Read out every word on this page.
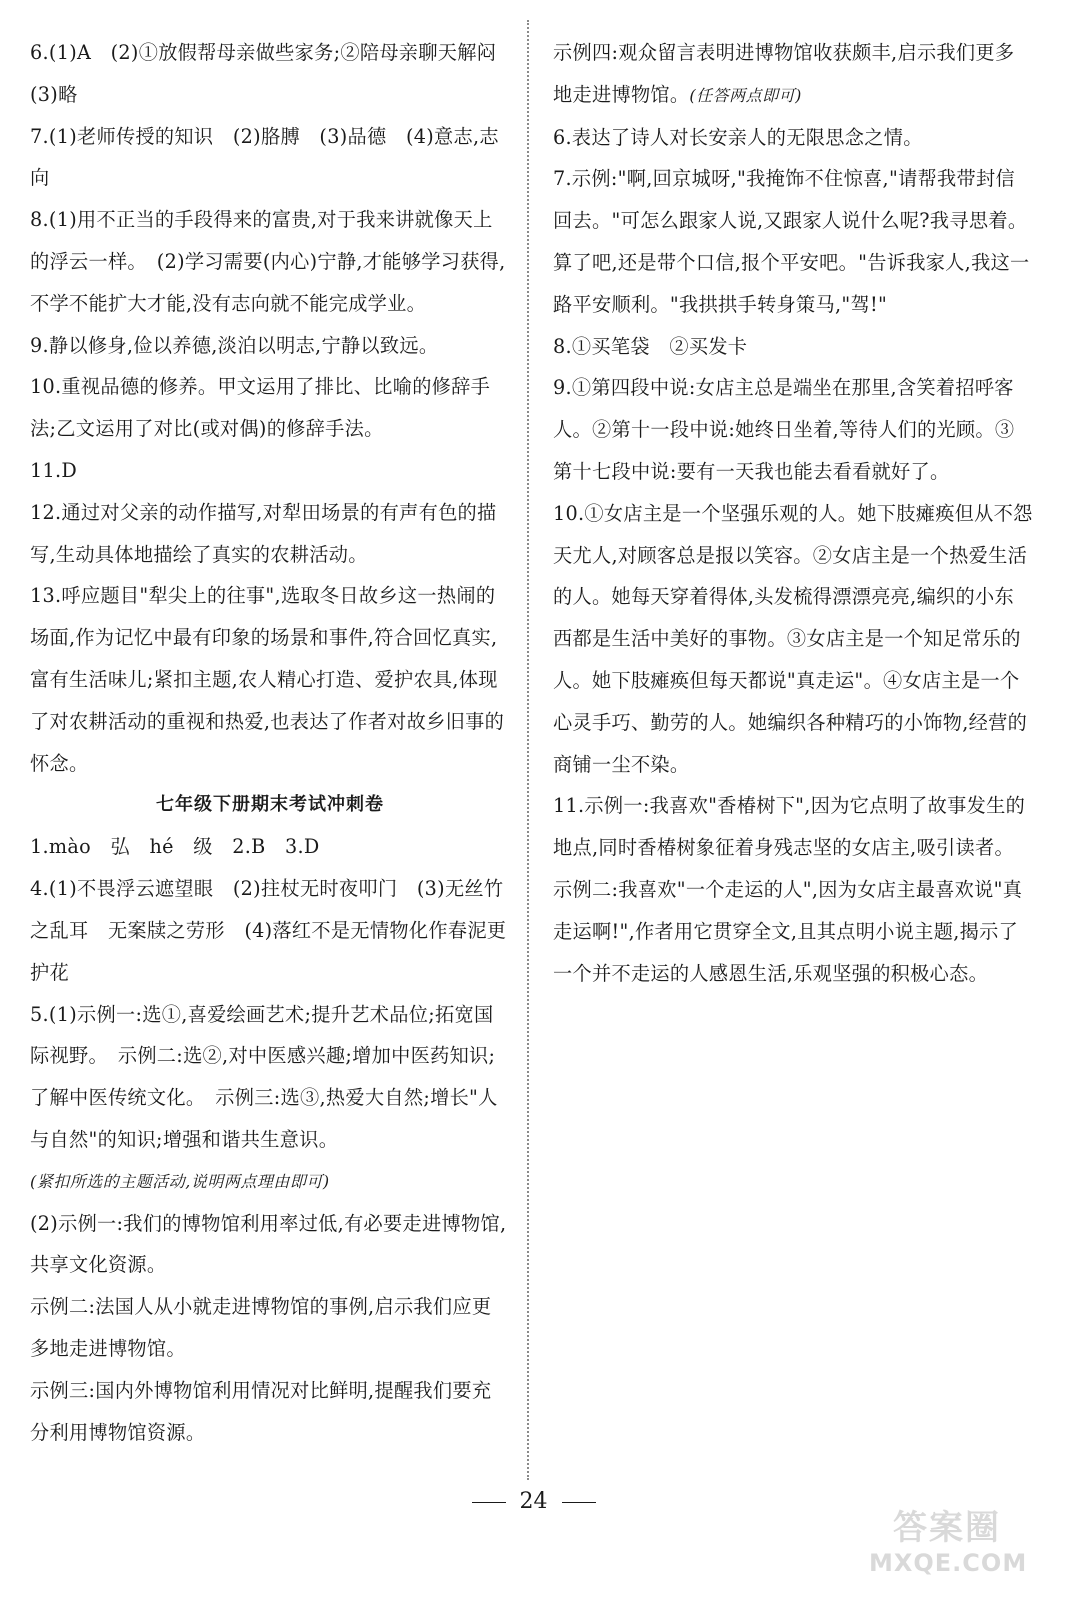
6.(1)A　(2)①放假帮母亲做些家务;②陪母亲聊天解闷　(3)略

7.(1)老师传授的知识　(2)胳膊　(3)品德　(4)意志,志向

8.(1)用不正当的手段得来的富贵,对于我来讲就像天上的浮云一样。　(2)学习需要(内心)宁静,才能够学习获得,不学不能扩大才能,没有志向就不能完成学业。

9.静以修身,俭以养德,淡泊以明志,宁静以致远。

10.重视品德的修养。甲文运用了排比、比喻的修辞手法;乙文运用了对比(或对偶)的修辞手法。

11.D

12.通过对父亲的动作描写,对犁田场景的有声有色的描写,生动具体地描绘了真实的农耕活动。

13.呼应题目"犁尖上的往事",选取冬日故乡这一热闹的场面,作为记忆中最有印象的场景和事件,符合回忆真实,富有生活味儿;紧扣主题,农人精心打造、爱护农具,体现了对农耕活动的重视和热爱,也表达了作者对故乡旧事的怀念。

七年级下册期末考试冲刺卷

1.mào　弘　hé　级　2.B　3.D

4.(1)不畏浮云遮望眼　(2)拄杖无时夜叩门　(3)无丝竹之乱耳　无案牍之劳形　(4)落红不是无情物化作春泥更护花

5.(1)示例一:选①,喜爱绘画艺术;提升艺术品位;拓宽国际视野。　示例二:选②,对中医感兴趣;增加中医药知识;了解中医传统文化。　示例三:选③,热爱大自然;增长"人与自然"的知识;增强和谐共生意识。

(紧扣所选的主题活动,说明两点理由即可)

(2)示例一:我们的博物馆利用率过低,有必要走进博物馆,共享文化资源。

示例二:法国人从小就走进博物馆的事例,启示我们应更多地走进博物馆。

示例三:国内外博物馆利用情况对比鲜明,提醒我们要充分利用博物馆资源。

示例四:观众留言表明进博物馆收获颇丰,启示我们更多地走进博物馆。(任答两点即可)

6.表达了诗人对长安亲人的无限思念之情。

7.示例:"啊,回京城呀,"我掩饰不住惊喜,"请帮我带封信回去。"可怎么跟家人说,又跟家人说什么呢?我寻思着。算了吧,还是带个口信,报个平安吧。"告诉我家人,我这一路平安顺利。"我拱拱手转身策马,"驾!"

8.①买笔袋　②买发卡

9.①第四段中说:女店主总是端坐在那里,含笑着招呼客人。②第十一段中说:她终日坐着,等待人们的光顾。③第十七段中说:要有一天我也能去看看就好了。

10.①女店主是一个坚强乐观的人。她下肢瘫痪但从不怨天尤人,对顾客总是报以笑容。②女店主是一个热爱生活的人。她每天穿着得体,头发梳得漂漂亮亮,编织的小东西都是生活中美好的事物。③女店主是一个知足常乐的人。她下肢瘫痪但每天都说"真走运"。④女店主是一个心灵手巧、勤劳的人。她编织各种精巧的小饰物,经营的商铺一尘不染。

11.示例一:我喜欢"香椿树下",因为它点明了故事发生的地点,同时香椿树象征着身残志坚的女店主,吸引读者。　示例二:我喜欢"一个走运的人",因为女店主最喜欢说"真走运啊!",作者用它贯穿全文,且其点明小说主题,揭示了一个并不走运的人感恩生活,乐观坚强的积极心态。

24
答案圈
MXQE.COM
